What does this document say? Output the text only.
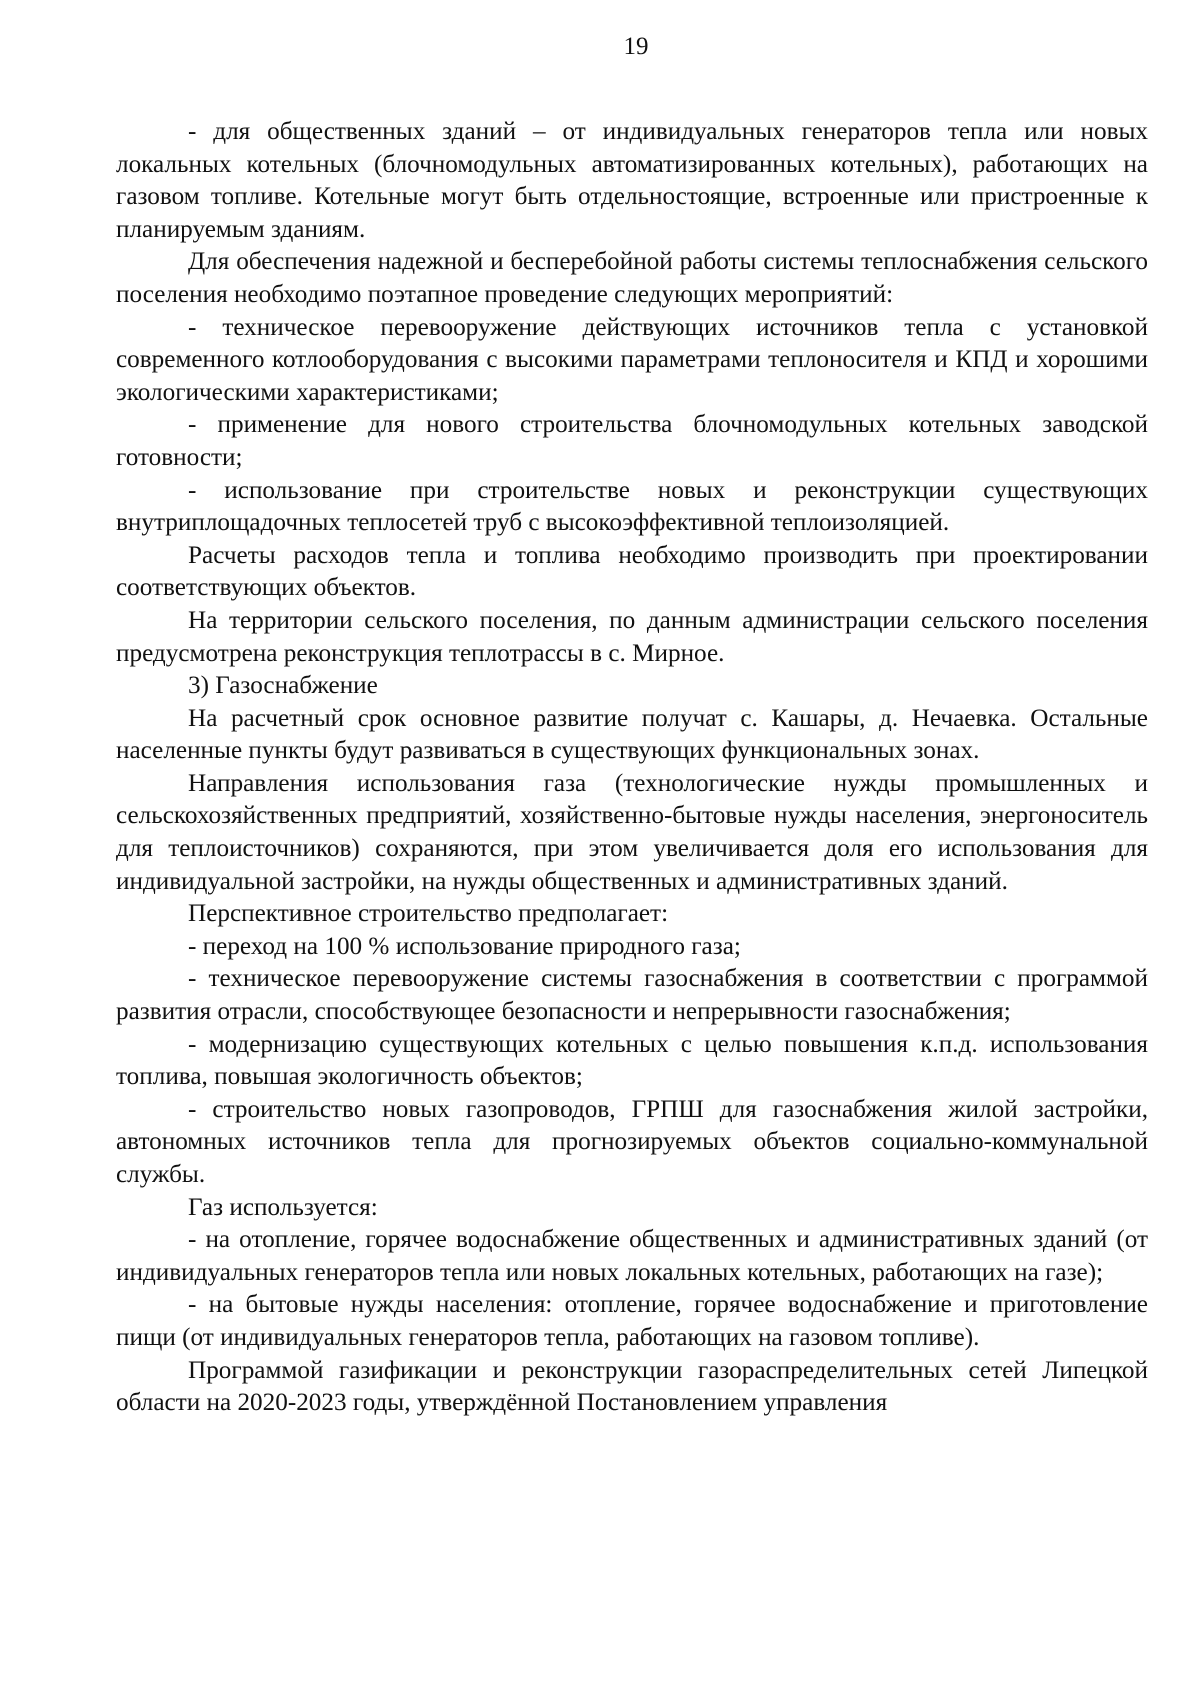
19

- для общественных зданий – от индивидуальных генераторов тепла или новых локальных котельных (блочномодульных автоматизированных котельных), работающих на газовом топливе. Котельные могут быть отдельностоящие, встроенные или пристроенные к планируемым зданиям.

Для обеспечения надежной и бесперебойной работы системы теплоснабжения сельского поселения необходимо поэтапное проведение следующих мероприятий:

- техническое перевооружение действующих источников тепла с установкой современного котлооборудования с высокими параметрами теплоносителя и КПД и хорошими экологическими характеристиками;

- применение для нового строительства блочномодульных котельных заводской готовности;

- использование при строительстве новых и реконструкции существующих внутриплощадочных теплосетей труб с высокоэффективной теплоизоляцией.

Расчеты расходов тепла и топлива необходимо производить при проектировании соответствующих объектов.

На территории сельского поселения, по данным администрации сельского поселения предусмотрена реконструкция теплотрассы в с. Мирное.

3) Газоснабжение

На расчетный срок основное развитие получат с. Кашары, д. Нечаевка. Остальные населенные пункты будут развиваться в существующих функциональных зонах.

Направления использования газа (технологические нужды промышленных и сельскохозяйственных предприятий, хозяйственно-бытовые нужды населения, энергоноситель для теплоисточников) сохраняются, при этом увеличивается доля его использования для индивидуальной застройки, на нужды общественных и административных зданий.

Перспективное строительство предполагает:

- переход на 100 % использование природного газа;

- техническое перевооружение системы газоснабжения в соответствии с программой развития отрасли, способствующее безопасности и непрерывности газоснабжения;

- модернизацию существующих котельных с целью повышения к.п.д. использования топлива, повышая экологичность объектов;

- строительство новых газопроводов, ГРПШ для газоснабжения жилой застройки, автономных источников тепла для прогнозируемых объектов социально-коммунальной службы.

Газ используется:

- на отопление, горячее водоснабжение общественных и административных зданий (от индивидуальных генераторов тепла или новых локальных котельных, работающих на газе);

- на бытовые нужды населения: отопление, горячее водоснабжение и приготовление пищи (от индивидуальных генераторов тепла, работающих на газовом топливе).

Программой газификации и реконструкции газораспределительных сетей Липецкой области на 2020-2023 годы, утверждённой Постановлением управления
